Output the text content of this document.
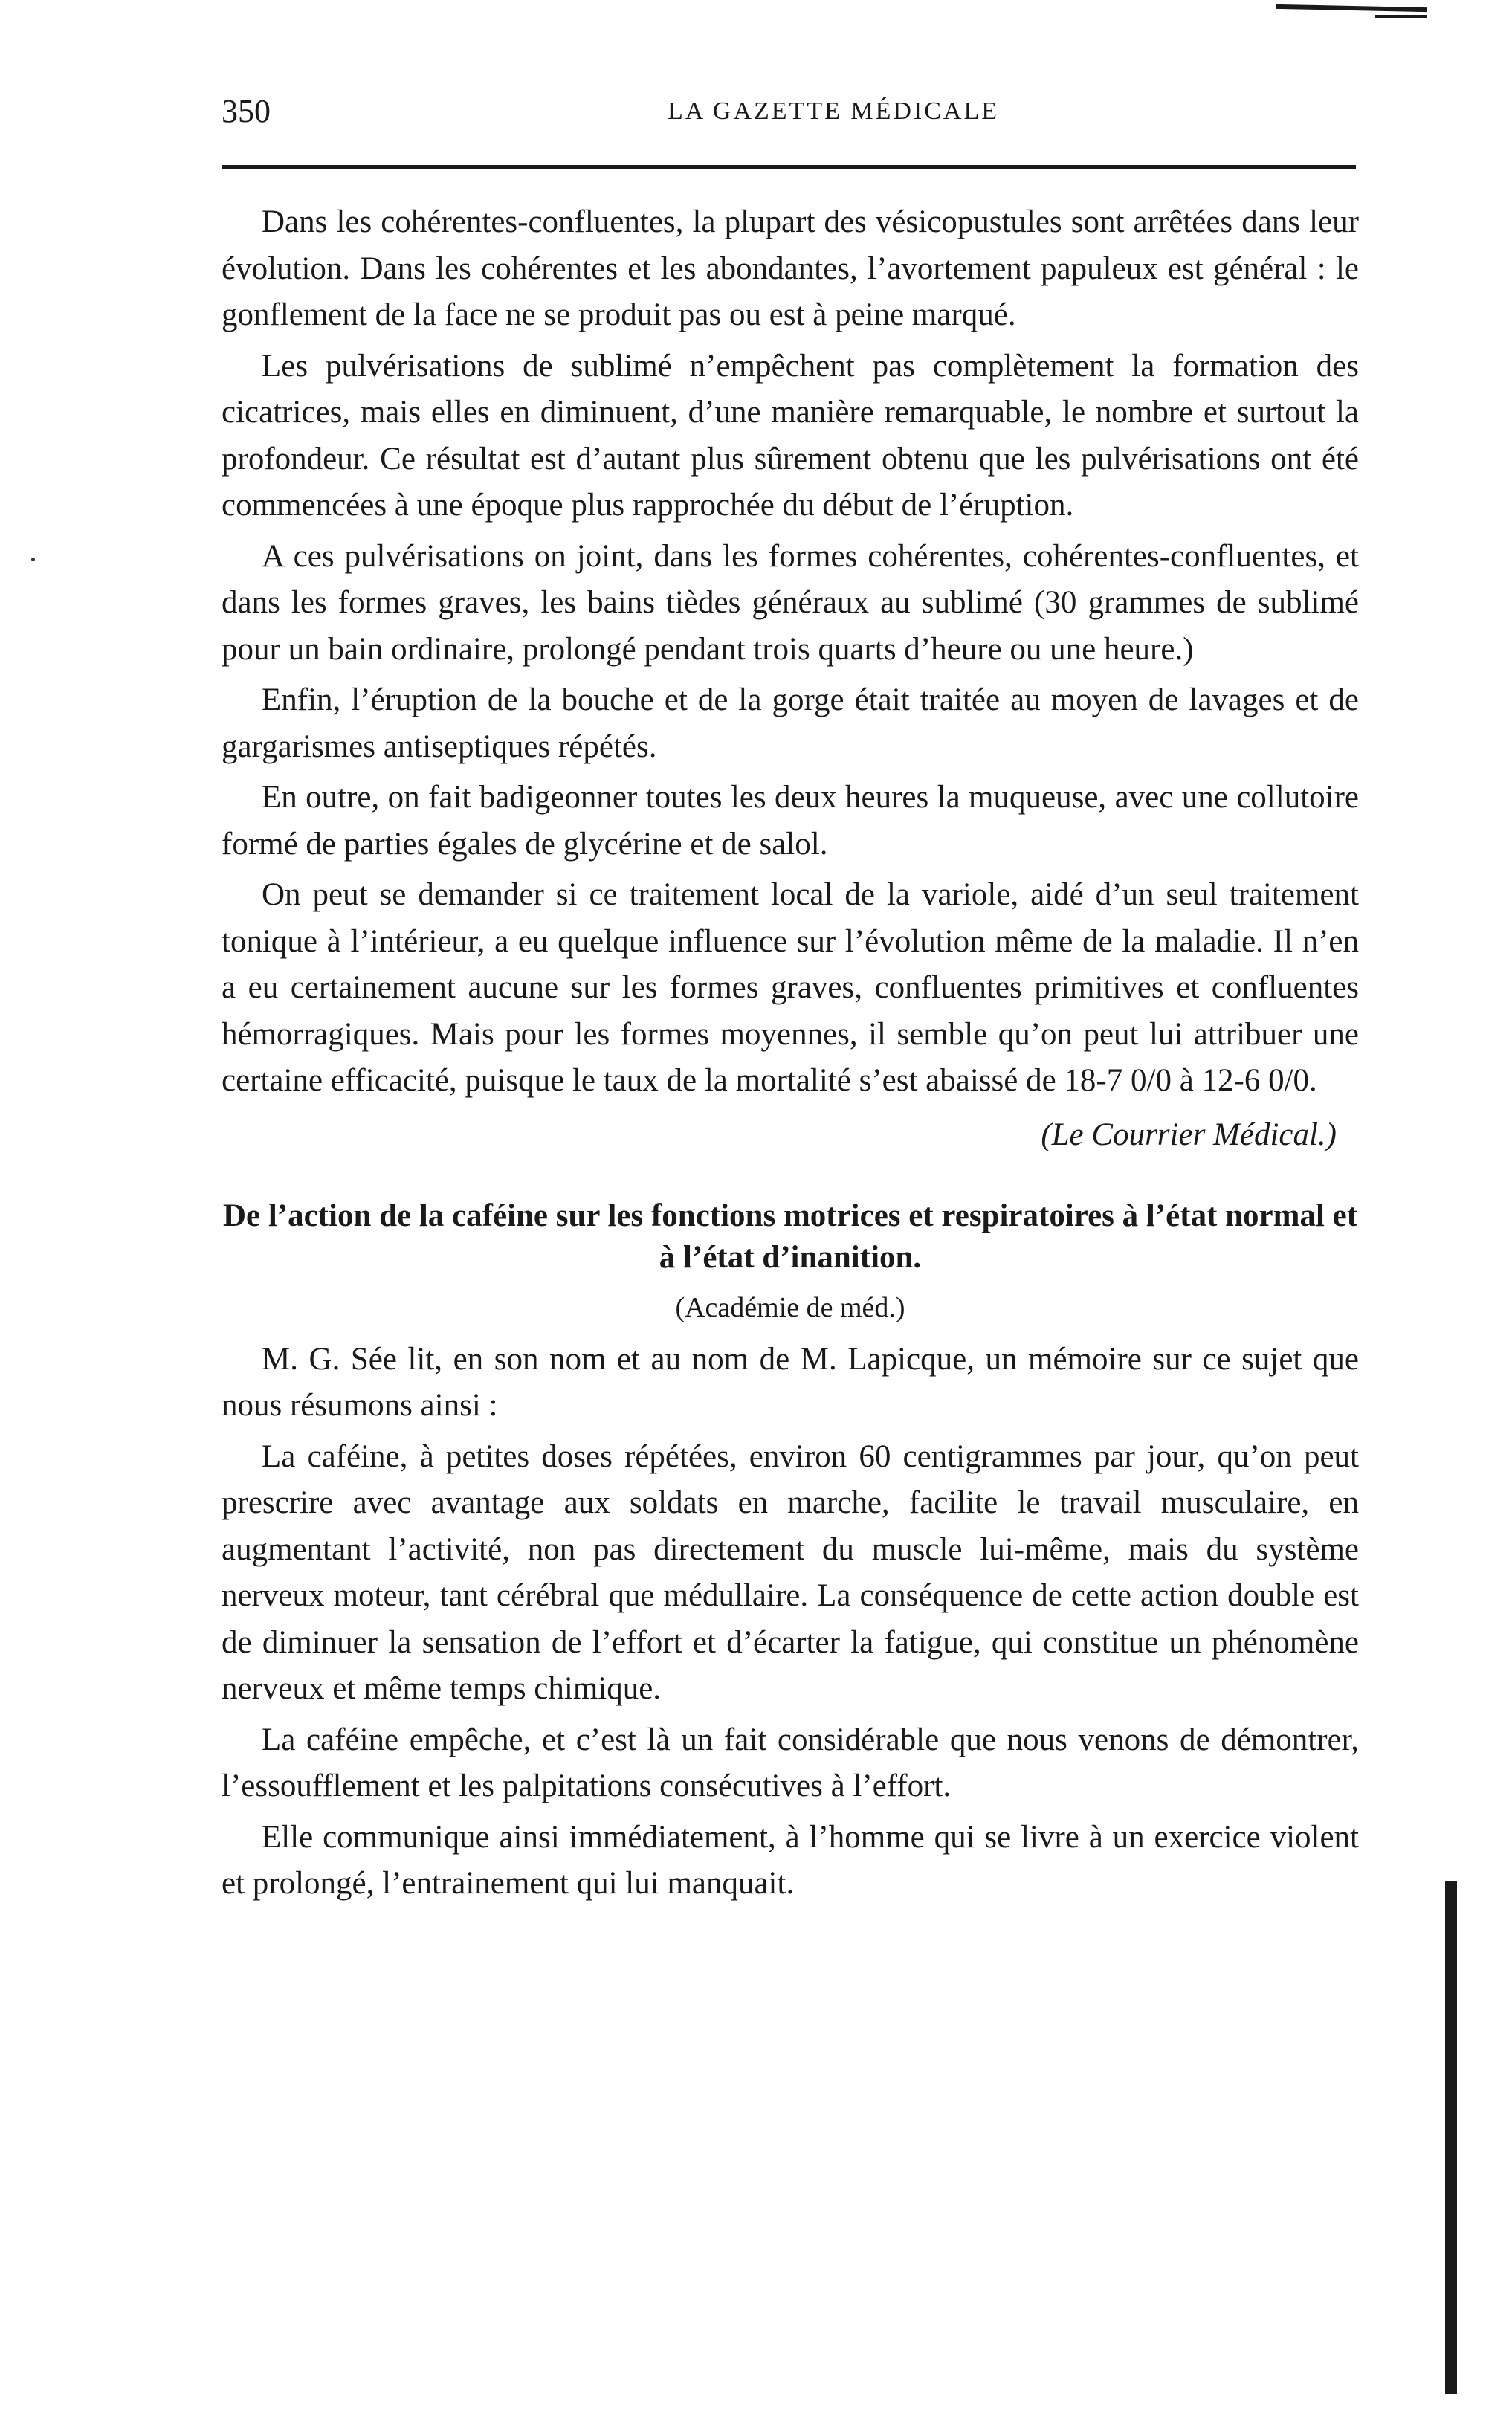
350	LA GAZETTE MÉDICALE

Dans les cohérentes-confluentes, la plupart des vésicopustules sont arrêtées dans leur évolution. Dans les cohérentes et les abondantes, l’avortement papuleux est général : le gonflement de la face ne se produit pas ou est à peine marqué.

Les pulvérisations de sublimé n’empêchent pas complètement la formation des cicatrices, mais elles en diminuent, d’une manière remarquable, le nombre et surtout la profondeur. Ce résultat est d’autant plus sûrement obtenu que les pulvérisations ont été commencées à une époque plus rapprochée du début de l’éruption.

A ces pulvérisations on joint, dans les formes cohérentes, cohérentes-confluentes, et dans les formes graves, les bains tièdes généraux au sublimé (30 grammes de sublimé pour un bain ordinaire, prolongé pendant trois quarts d’heure ou une heure.)

Enfin, l’éruption de la bouche et de la gorge était traitée au moyen de lavages et de gargarismes antiseptiques répétés.

En outre, on fait badigeonner toutes les deux heures la muqueuse, avec une collutoire formé de parties égales de glycérine et de salol.

On peut se demander si ce traitement local de la variole, aidé d’un seul traitement tonique à l’intérieur, a eu quelque influence sur l’évolution même de la maladie. Il n’en a eu certainement aucune sur les formes graves, confluentes primitives et confluentes hémorragiques. Mais pour les formes moyennes, il semble qu’on peut lui attribuer une certaine efficacité, puisque le taux de la mortalité s’est abaissé de 18-7 0/0 à 12-6 0/0.

(Le Courrier Médical.)

De l’action de la caféine sur les fonctions motrices et respiratoires à l’état normal et à l’état d’inanition.

(Académie de méd.)

M. G. Sée lit, en son nom et au nom de M. Lapicque, un mémoire sur ce sujet que nous résumons ainsi :

La caféine, à petites doses répétées, environ 60 centigrammes par jour, qu’on peut prescrire avec avantage aux soldats en marche, facilite le travail musculaire, en augmentant l’activité, non pas directement du muscle lui-même, mais du système nerveux moteur, tant cérébral que médullaire. La conséquence de cette action double est de diminuer la sensation de l’effort et d’écarter la fatigue, qui constitue un phénomène nerveux et même temps chimique.

La caféine empêche, et c’est là un fait considérable que nous venons de démontrer, l’essoufflement et les palpitations consécutives à l’effort.

Elle communique ainsi immédiatement, à l’homme qui se livre à un exercice violent et prolongé, l’entrainement qui lui manquait.
